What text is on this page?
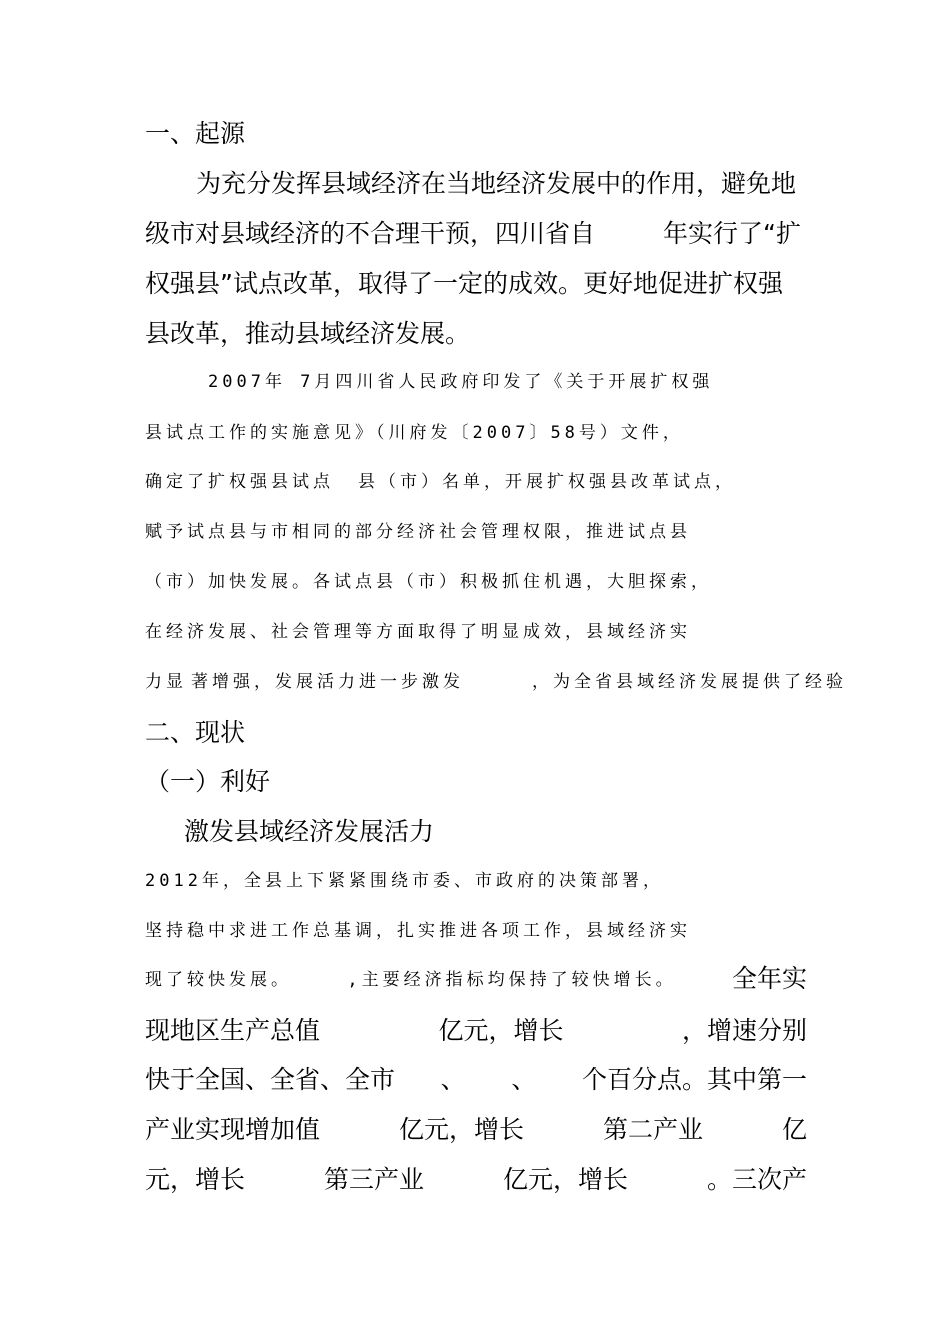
一、起源
为充分发挥县域经济在当地经济发展中的作用，避免地
级市对县域经济的不合理干预，四川省自	年实行了“扩
权强县”试点改革，取得了一定的成效。更好地促进扩权强
县改革，推动县域经济发展。
2007年 7月四川省人民政府印发了《关于开展扩权强
县试点工作的实施意见》（川府发〔2007〕58号）文件，
确定了扩权强县试点 县（市）名单，开展扩权强县改革试点，
赋予试点县与市相同的部分经济社会管理权限，推进试点县
（市）加快发展。各试点县（市）积极抓住机遇，大胆探索，
在经济发展、社会管理等方面取得了明显成效，县域经济实
力显 著增强，发展活力进一步激发	，为全省县域经济发展提供了经验
二、现状
（一）利好
激发县域经济发展活力
2012年，全县上下紧紧围绕市委、市政府的决策部署，
坚持稳中求进工作总基调，扎实推进各项工作，县域经济实
现了较快发展。	,主要经济指标均保持了较快增长。 全年实
现地区生产总值	亿元，增长	，增速分别
快于全国、全省、全市 、 、 个百分点。其中第一
产业实现增加值	亿元，增长	第二产业	亿
元，增长	第三产业	亿元，增长	。三次产
